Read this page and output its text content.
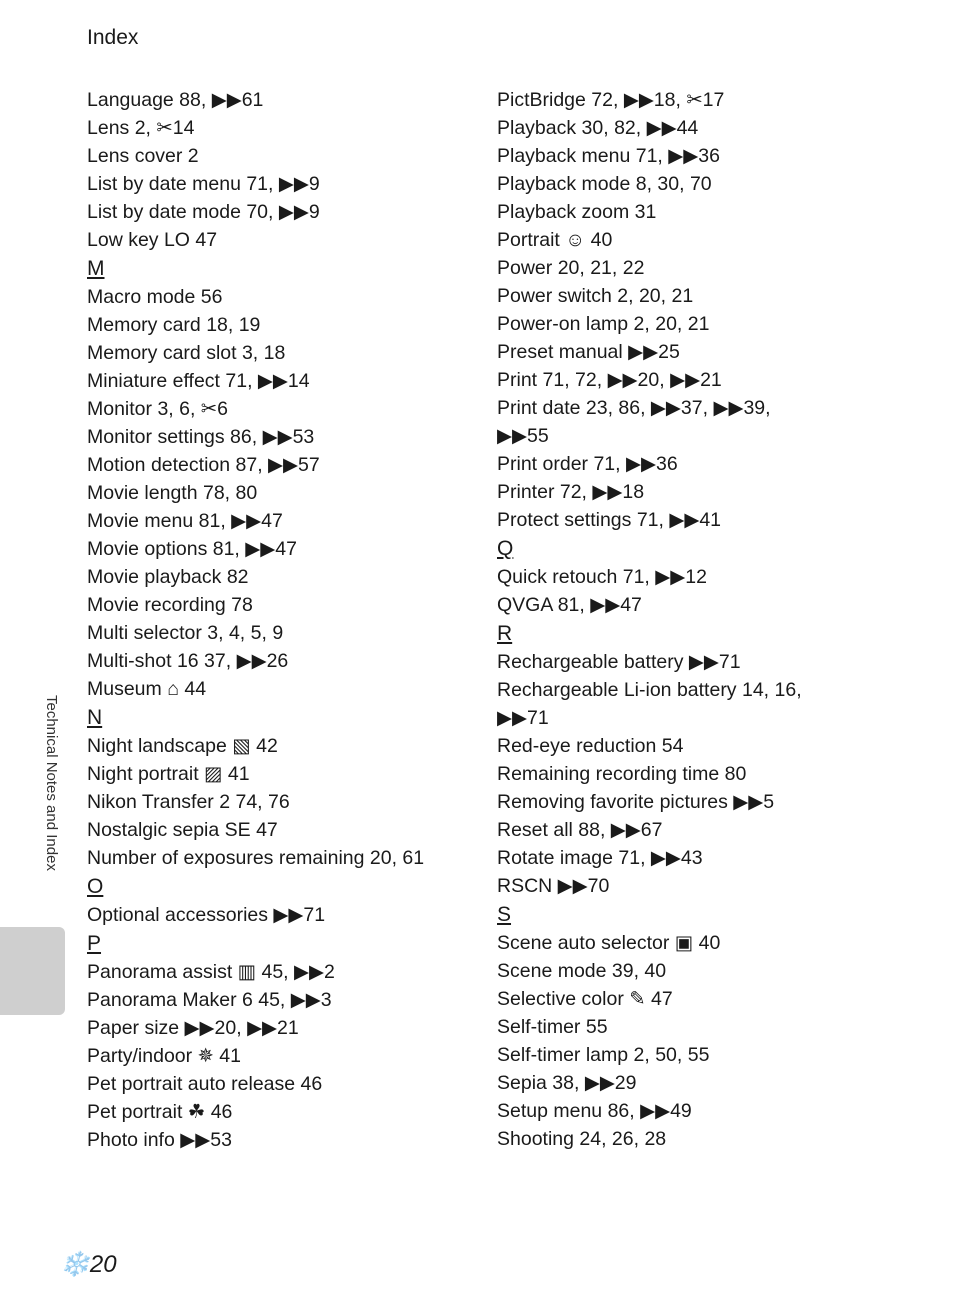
Index
Language 88, ▶▶61
Lens 2, ✂14
Lens cover 2
List by date menu 71, ▶▶9
List by date mode 70, ▶▶9
Low key LO 47
M
Macro mode 56
Memory card 18, 19
Memory card slot 3, 18
Miniature effect 71, ▶▶14
Monitor 3, 6, ✂6
Monitor settings 86, ▶▶53
Motion detection 87, ▶▶57
Movie length 78, 80
Movie menu 81, ▶▶47
Movie options 81, ▶▶47
Movie playback 82
Movie recording 78
Multi selector 3, 4, 5, 9
Multi-shot 16 37, ▶▶26
Museum ⌂ 44
N
Night landscape ▧ 42
Night portrait ▨ 41
Nikon Transfer 2 74, 76
Nostalgic sepia SE 47
Number of exposures remaining 20, 61
O
Optional accessories ▶▶71
P
Panorama assist ▥ 45, ▶▶2
Panorama Maker 6 45, ▶▶3
Paper size ▶▶20, ▶▶21
Party/indoor ✵ 41
Pet portrait auto release 46
Pet portrait ☘ 46
Photo info ▶▶53
PictBridge 72, ▶▶18, ✂17
Playback 30, 82, ▶▶44
Playback menu 71, ▶▶36
Playback mode 8, 30, 70
Playback zoom 31
Portrait ☺ 40
Power 20, 21, 22
Power switch 2, 20, 21
Power-on lamp 2, 20, 21
Preset manual ▶▶25
Print 71, 72, ▶▶20, ▶▶21
Print date 23, 86, ▶▶37, ▶▶39,
▶▶55
Print order 71, ▶▶36
Printer 72, ▶▶18
Protect settings 71, ▶▶41
Q
Quick retouch 71, ▶▶12
QVGA 81, ▶▶47
R
Rechargeable battery ▶▶71
Rechargeable Li-ion battery 14, 16,
▶▶71
Red-eye reduction 54
Remaining recording time 80
Removing favorite pictures ▶▶5
Reset all 88, ▶▶67
Rotate image 71, ▶▶43
RSCN ▶▶70
S
Scene auto selector ▣ 40
Scene mode 39, 40
Selective color ✎ 47
Self-timer 55
Self-timer lamp 2, 50, 55
Sepia 38, ▶▶29
Setup menu 86, ▶▶49
Shooting 24, 26, 28
Technical Notes and Index
❄‍20
